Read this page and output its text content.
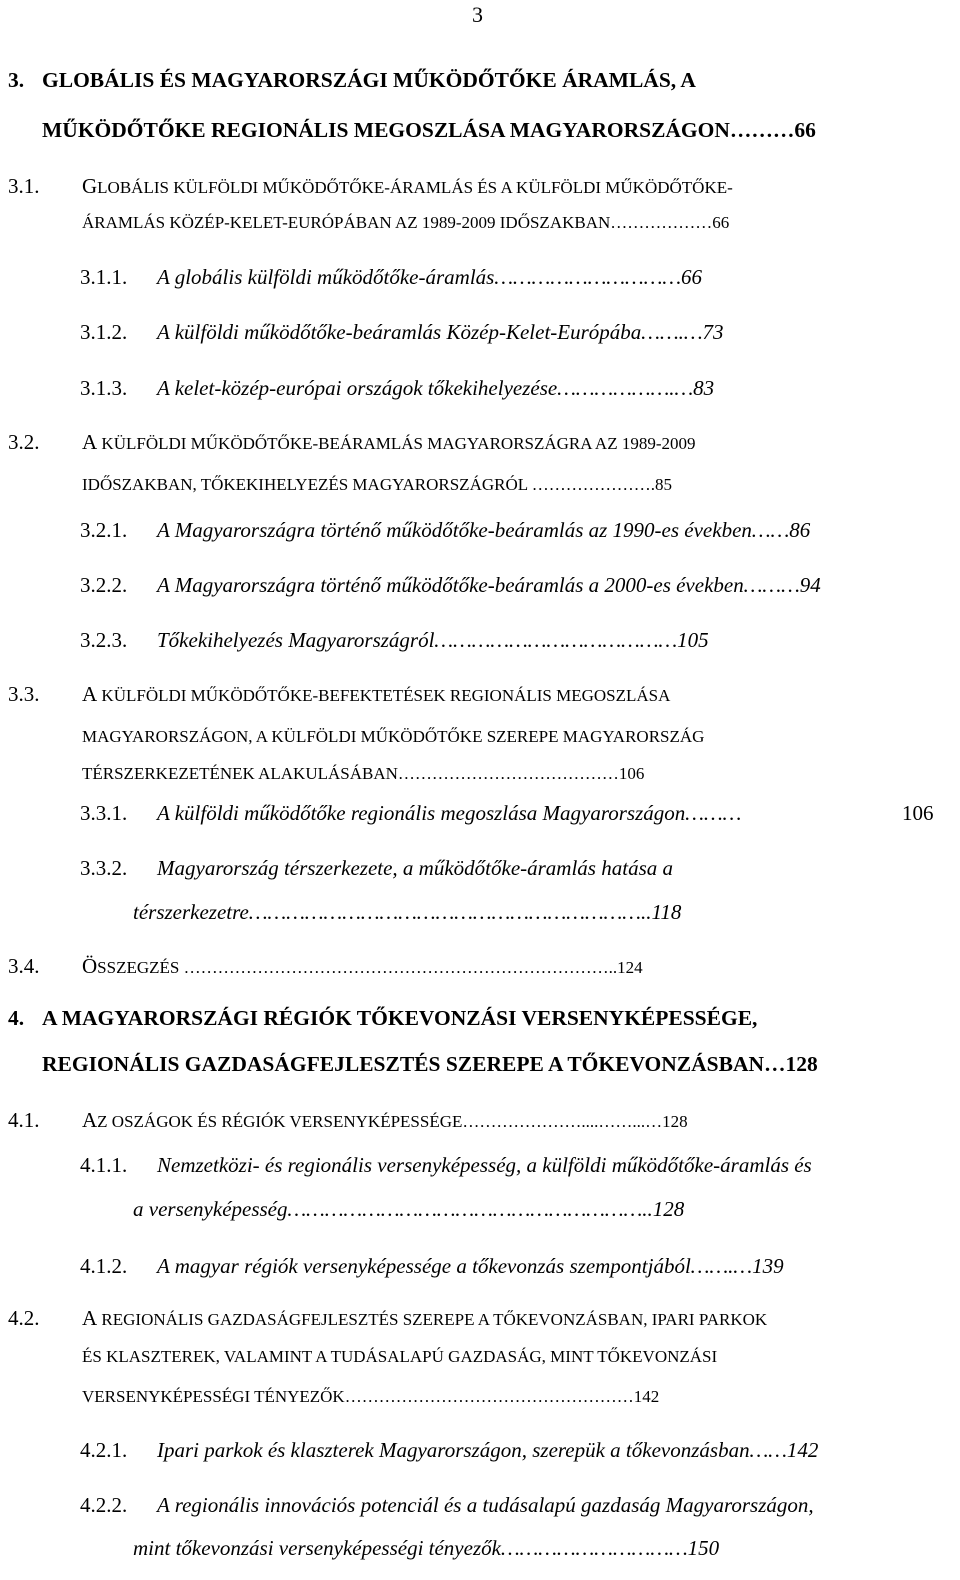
3
3. GLOBÁLIS ÉS MAGYARORSZÁGI MŰKÖDŐTŐKE ÁRAMLÁS, A
MŰKÖDŐTŐKE REGIONÁLIS MEGOSZLÁSA MAGYARORSZÁGON………66
3.1. GLOBÁLIS KÜLFÖLDI MŰKÖDŐTŐKE-ÁRAMLÁS ÉS A KÜLFÖLDI MŰKÖDŐTŐKE-
ÁRAMLÁS KÖZÉP-KELET-EURÓPÁBAN AZ 1989-2009 IDŐSZAKBAN………………66
3.1.1. A globális külföldi működőtőke-áramlás…………………………66
3.1.2. A külföldi működőtőke-beáramlás Közép-Kelet-Európába…….…73
3.1.3. A kelet-közép-európai országok tőkekihelyezése……………….…83
3.2. A KÜLFÖLDI MŰKÖDŐTŐKE-BEÁRAMLÁS MAGYARORSZÁGRA AZ 1989-2009
IDŐSZAKBAN, TŐKEKIHELYEZÉS MAGYARORSZÁGRÓL ………………….85
3.2.1. A Magyarországra történő működőtőke-beáramlás az 1990-es években……86
3.2.2. A Magyarországra történő működőtőke-beáramlás a 2000-es években………94
3.2.3. Tőkekihelyezés Magyarországról…………………………………105
3.3. A KÜLFÖLDI MŰKÖDŐTŐKE-BEFEKTETÉSEK REGIONÁLIS MEGOSZLÁSA
MAGYARORSZÁGON, A KÜLFÖLDI MŰKÖDŐTŐKE SZEREPE MAGYARORSZÁG
TÉRSZERKEZETÉNEK ALAKULÁSÁBAN…………………………………106
3.3.1. A külföldi működőtőke regionális megoszlása Magyarországon………	106
3.3.2. Magyarország térszerkezete, a működőtőke-áramlás hatása a
térszerkezetre………………………………………………………..118
3.4. ÖSSZEGZÉS …………………………………………………………………..124
4. A MAGYARORSZÁGI RÉGIÓK TŐKEVONZÁSI VERSENYKÉPESSÉGE,
REGIONÁLIS GAZDASÁGFEJLESZTÉS SZEREPE A TŐKEVONZÁSBAN…128
4.1. AZ OSZÁGOK ÉS RÉGIÓK VERSENYKÉPESSÉGE…………………....……...…128
4.1.1. Nemzetközi- és regionális versenyképesség, a külföldi működőtőke-áramlás és
a versenyképesség…………………………………………………..128
4.1.2. A magyar régiók versenyképessége a tőkevonzás szempontjából…….…139
4.2. A REGIONÁLIS GAZDASÁGFEJLESZTÉS SZEREPE A TŐKEVONZÁSBAN, IPARI PARKOK
ÉS KLASZTEREK, VALAMINT A TUDÁSALAPÚ GAZDASÁG, MINT TŐKEVONZÁSI
VERSENYKÉPESSÉGI TÉNYEZŐK……………………………………………142
4.2.1. Ipari parkok és klaszterek Magyarországon, szerepük a tőkevonzásban……142
4.2.2. A regionális innovációs potenciál és a tudásalapú gazdaság Magyarországon,
mint tőkevonzási versenyképességi tényezők…………………………150
